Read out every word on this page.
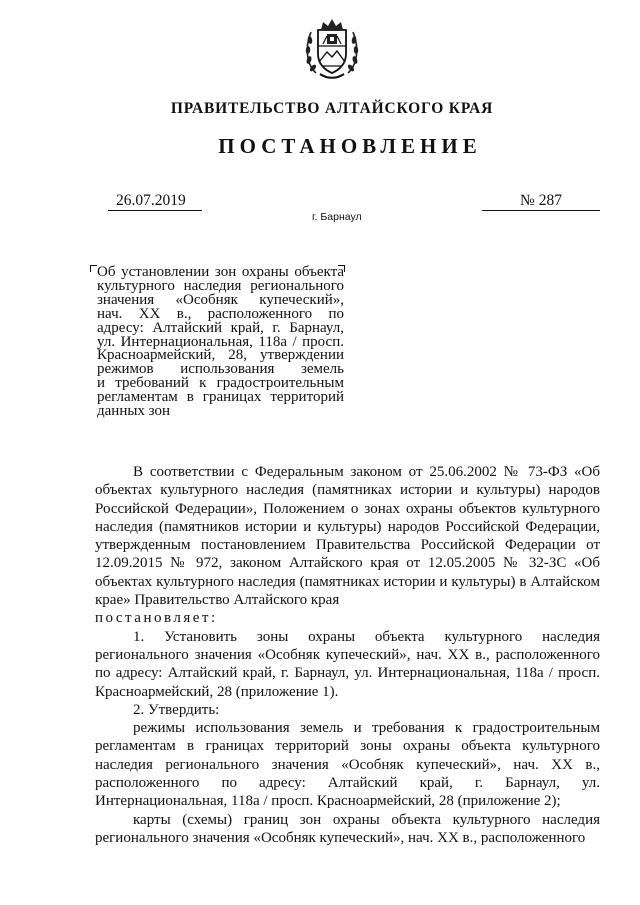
ПРАВИТЕЛЬСТВО АЛТАЙСКОГО КРАЯ
ПОСТАНОВЛЕНИЕ
26.07.2019	№ 287
г. Барнаул
Об установлении зон охраны объекта
культурного наследия регионального
значения «Особняк купеческий»,
нач. XX в., расположенного по
адресу: Алтайский край, г. Барнаул,
ул. Интернациональная, 118а / просп.
Красноармейский, 28, утверждении
режимов использования земель
и требований к градостроительным
регламентам в границах территорий
данных зон

В соответствии с Федеральным законом от 25.06.2002 № 73-ФЗ «Об объектах культурного наследия (памятниках истории и культуры) народов Российской Федерации», Положением о зонах охраны объектов культурного наследия (памятников истории и культуры) народов Российской Федерации, утвержденным постановлением Правительства Российской Федерации от 12.09.2015 № 972, законом Алтайского края от 12.05.2005 № 32-ЗС «Об объектах культурного наследия (памятниках истории и культуры) в Алтайском крае» Правительство Алтайского края

постановляет:

1. Установить зоны охраны объекта культурного наследия регионального значения «Особняк купеческий», нач. XX в., расположенного по адресу: Алтайский край, г. Барнаул, ул. Интернациональная, 118а / просп. Красноармейский, 28 (приложение 1).

2. Утвердить:

режимы использования земель и требования к градостроительным регламентам в границах территорий зоны охраны объекта культурного наследия регионального значения «Особняк купеческий», нач. XX в., расположенного по адресу: Алтайский край, г. Барнаул, ул. Интернациональная, 118а / просп. Красноармейский, 28 (приложение 2);

карты (схемы) границ зон охраны объекта культурного наследия регионального значения «Особняк купеческий», нач. XX в., расположенного
